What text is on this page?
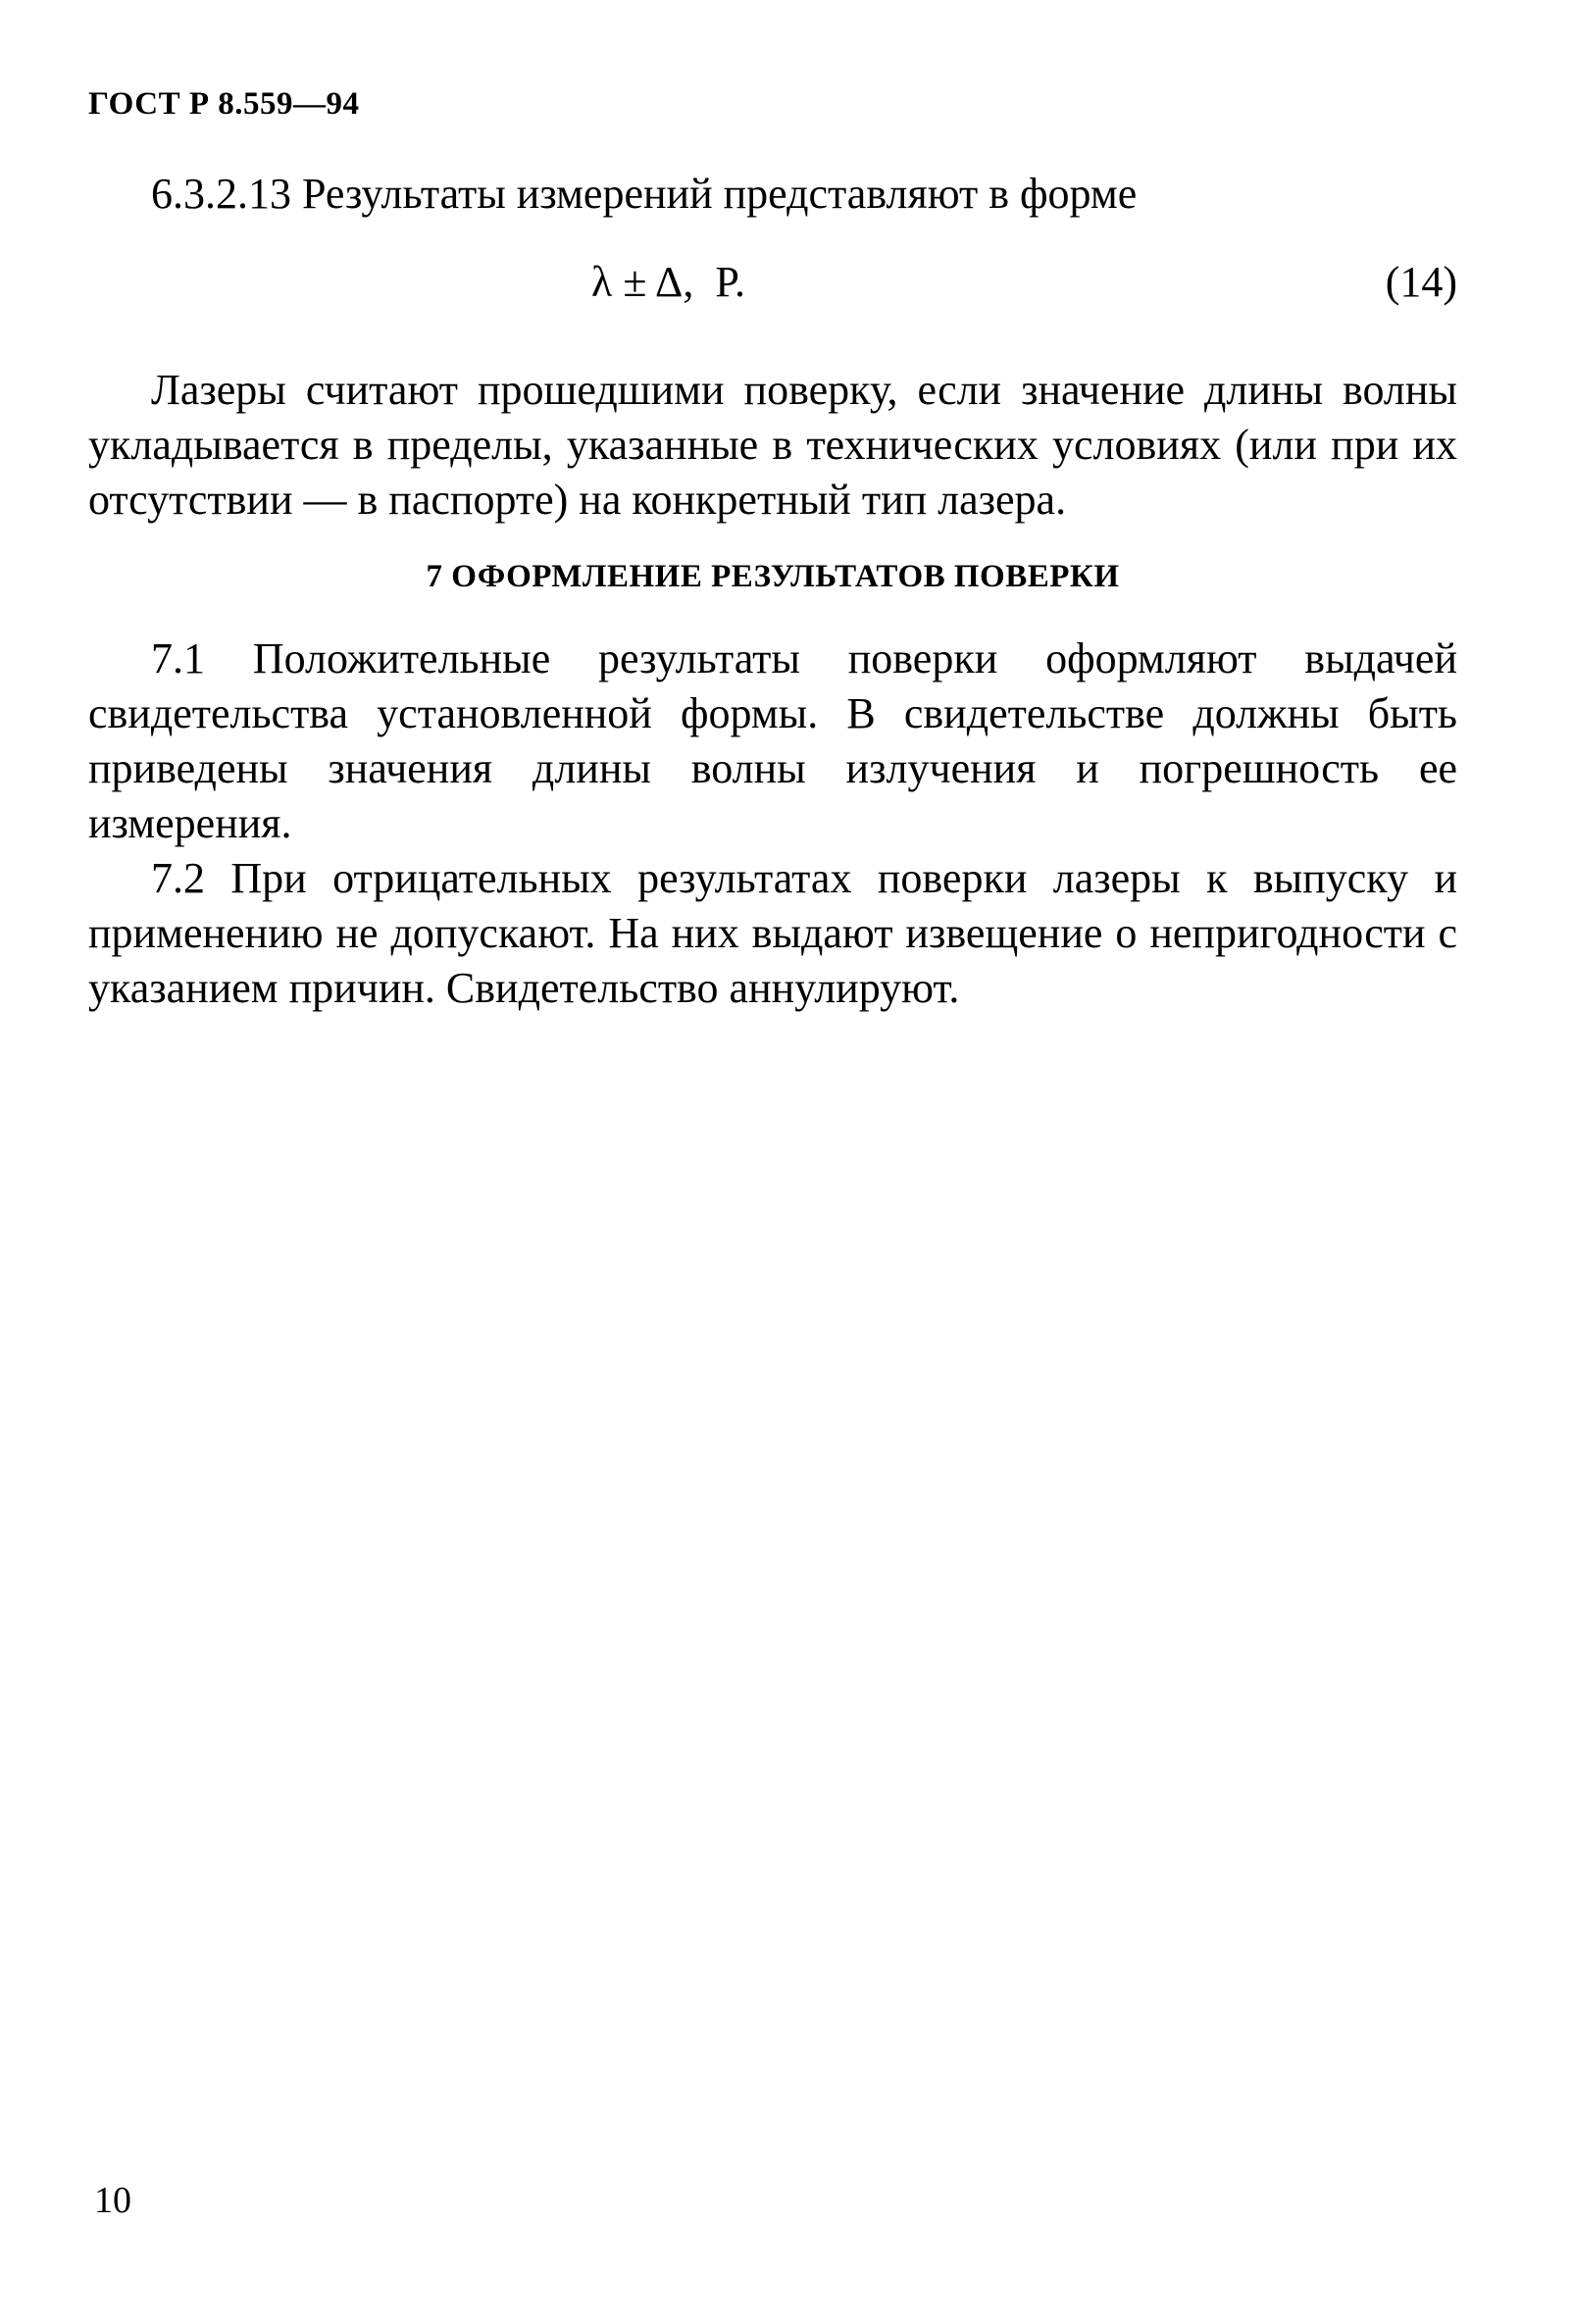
ГОСТ Р 8.559—94

6.3.2.13 Результаты измерений представляют в форме

λ ± Δ,  P.	(14)

Лазеры считают прошедшими поверку, если значение длины волны укладывается в пределы, указанные в технических условиях (или при их отсутствии — в паспорте) на конкретный тип лазера.

7 ОФОРМЛЕНИЕ РЕЗУЛЬТАТОВ ПОВЕРКИ

7.1 Положительные результаты поверки оформляют выдачей свидетельства установленной формы. В свидетельстве должны быть приведены значения длины волны излучения и погрешность ее измерения.

7.2 При отрицательных результатах поверки лазеры к выпуску и применению не допускают. На них выдают извещение о непригодности с указанием причин. Свидетельство аннулируют.

10
